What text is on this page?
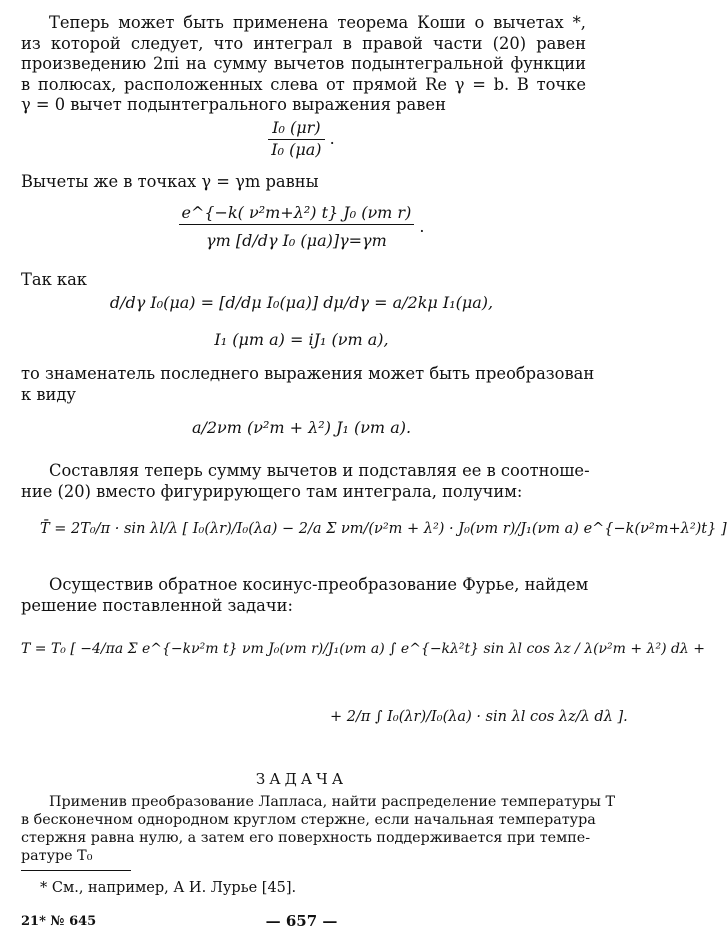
Теперь может быть применена теорема Коши о вычетах *,
из которой следует, что интеграл в правой части (20) равен
произведению 2πi на сумму вычетов подынтегральной функции
в полюсах, расположенных слева от прямой Re γ = b. В точке
γ = 0 вычет подынтегрального выражения равен
$\frac{\text{I₀ (μr)}}{\text{I₀ (μa)}}$ .
Вычеты же в точках γ = γm равны
$\frac{\text{e\textasciicircum{}\{−k( ν²m+λ²) t\} J₀ (νm r)}}{\text{γm [d/dγ I₀ (μa)]γ=γm}}$ .
Так как
d/dγ I₀(μa) = [d/dμ I₀(μa)] dμ/dγ = a/2kμ I₁(μa),
I₁ (μm a) = iJ₁ (νm a),
то знаменатель последнего выражения может быть преобразован
к виду
a/2νm (ν²m + λ²) J₁ (νm a).
Составляя теперь сумму вычетов и подставляя ее в соотноше-
ние (20) вместо фигурирующего там интеграла, получим:
T̄ = 2T₀/π · sin λl/λ [ I₀(λr)/I₀(λa) − 2/a Σ νm/(ν²m + λ²) · J₀(νm r)/J₁(νm a) e^{−k(ν²m+λ²)t} ]
Осуществив обратное косинус-преобразование Фурье, найдем
решение поставленной задачи:
T = T₀ [ −4/πa Σ e^{−kν²m t} νm J₀(νm r)/J₁(νm a) ∫ e^{−kλ²t} sin λl cos λz / λ(ν²m + λ²) dλ +
+ 2/π ∫ I₀(λr)/I₀(λa) · sin λl cos λz/λ dλ ].
ЗАДАЧА
Применив преобразование Лапласа, найти распределение температуры T
в бесконечном однородном круглом стержне, если начальная температура
стержня равна нулю, а затем его поверхность поддерживается при темпе-
ратуре T₀
* См., например, А И. Лурье [45].
21* № 645	— 657 —
